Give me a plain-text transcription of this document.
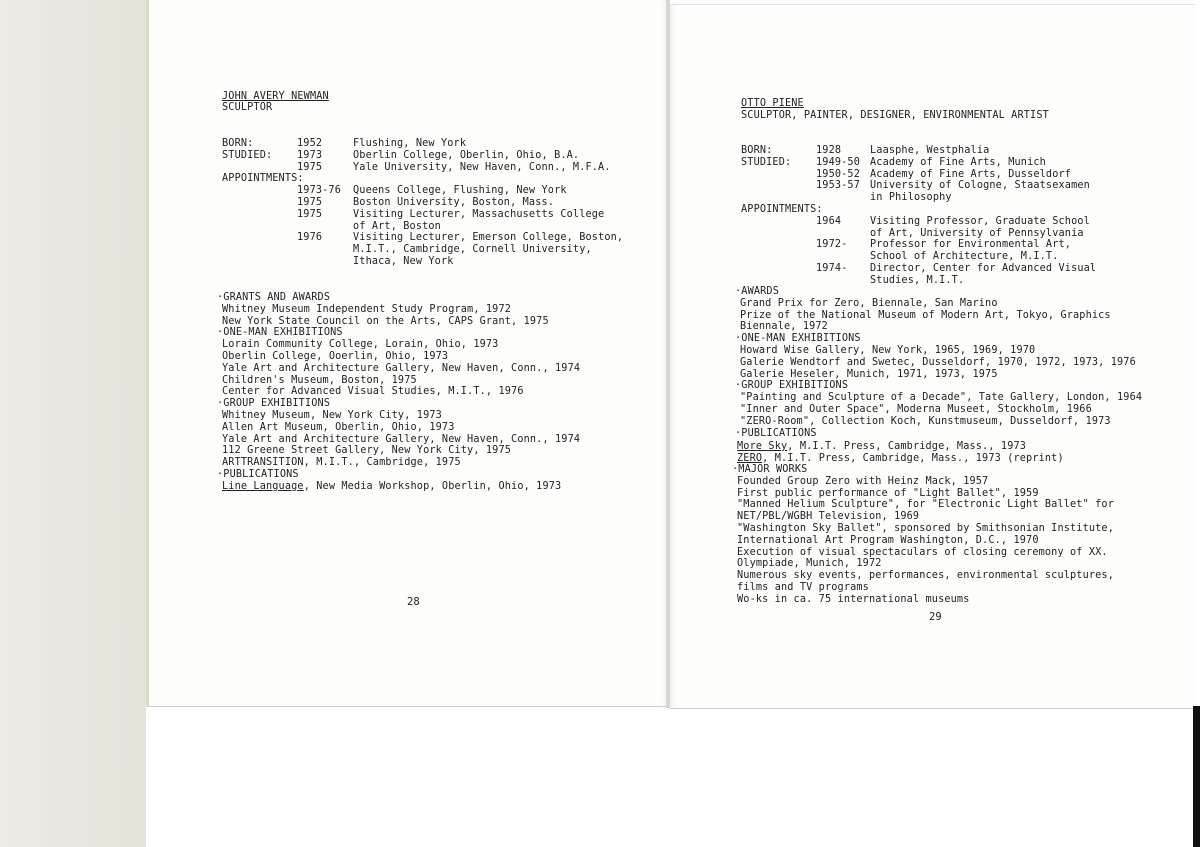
JOHN AVERY NEWMAN
SCULPTOR
BORN:	1952	Flushing, New York
STUDIED: 1973	Oberlin College, Oberlin, Ohio, B.A.
1975	Yale University, New Haven, Conn., M.F.A.
APPOINTMENTS:
1973-76 Queens College, Flushing, New York
1975	Boston University, Boston, Mass.
1975	Visiting Lecturer, Massachusetts College
of Art, Boston
1976	Visiting Lecturer, Emerson College, Boston,
M.I.T., Cambridge, Cornell University,
Ithaca, New York
·GRANTS AND AWARDS
Whitney Museum Independent Study Program, 1972
New York State Council on the Arts, CAPS Grant, 1975
·ONE-MAN EXHIBITIONS
Lorain Community College, Lorain, Ohio, 1973
Oberlin College, Ooerlin, Ohio, 1973
Yale Art and Architecture Gallery, New Haven, Conn., 1974
Children's Museum, Boston, 1975
Center for Advanced Visual Studies, M.I.T., 1976
·GROUP EXHIBITIONS
Whitney Museum, New York City, 1973
Allen Art Museum, Oberlin, Ohio, 1973
Yale Art and Architecture Gallery, New Haven, Conn., 1974
112 Greene Street Gallery, New York City, 1975
ARTTRANSITION, M.I.T., Cambridge, 1975
·PUBLICATIONS
Line Language, New Media Workshop, Oberlin, Ohio, 1973
28
OTTO PIENE
SCULPTOR, PAINTER, DESIGNER, ENVIRONMENTAL ARTIST
BORN:	1928	Laasphe, Westphalia
STUDIED: 1949-50 Academy of Fine Arts, Munich
1950-52 Academy of Fine Arts, Dusseldorf
1953-57 University of Cologne, Staatsexamen
in Philosophy
APPOINTMENTS:
1964	Visiting Professor, Graduate School
of Art, University of Pennsylvania
1972- Professor for Environmental Art,
School of Architecture, M.I.T.
1974- Director, Center for Advanced Visual
Studies, M.I.T.
·AWARDS
Grand Prix for Zero, Biennale, San Marino
Prize of the National Museum of Modern Art, Tokyo, Graphics
Biennale, 1972
·ONE-MAN EXHIBITIONS
Howard Wise Gallery, New York, 1965, 1969, 1970
Galerie Wendtorf and Swetec, Dusseldorf, 1970, 1972, 1973, 1976
Galerie Heseler, Munich, 1971, 1973, 1975
·GROUP EXHIBITIONS
"Painting and Sculpture of a Decade", Tate Gallery, London, 1964
"Inner and Outer Space", Moderna Museet, Stockholm, 1966
"ZERO-Room", Collection Koch, Kunstmuseum, Dusseldorf, 1973
·PUBLICATIONS
More Sky, M.I.T. Press, Cambridge, Mass., 1973
ZERO, M.I.T. Press, Cambridge, Mass., 1973 (reprint)
·MAJOR WORKS
Founded Group Zero with Heinz Mack, 1957
First public performance of "Light Ballet", 1959
"Manned Helium Sculpture", for "Electronic Light Ballet" for
NET/PBL/WGBH Television, 1969
"Washington Sky Ballet", sponsored by Smithsonian Institute,
International Art Program Washington, D.C., 1970
Execution of visual spectaculars of closing ceremony of XX.
Olympiade, Munich, 1972
Numerous sky events, performances, environmental sculptures,
films and TV programs
Wo-ks in ca. 75 international museums
29
